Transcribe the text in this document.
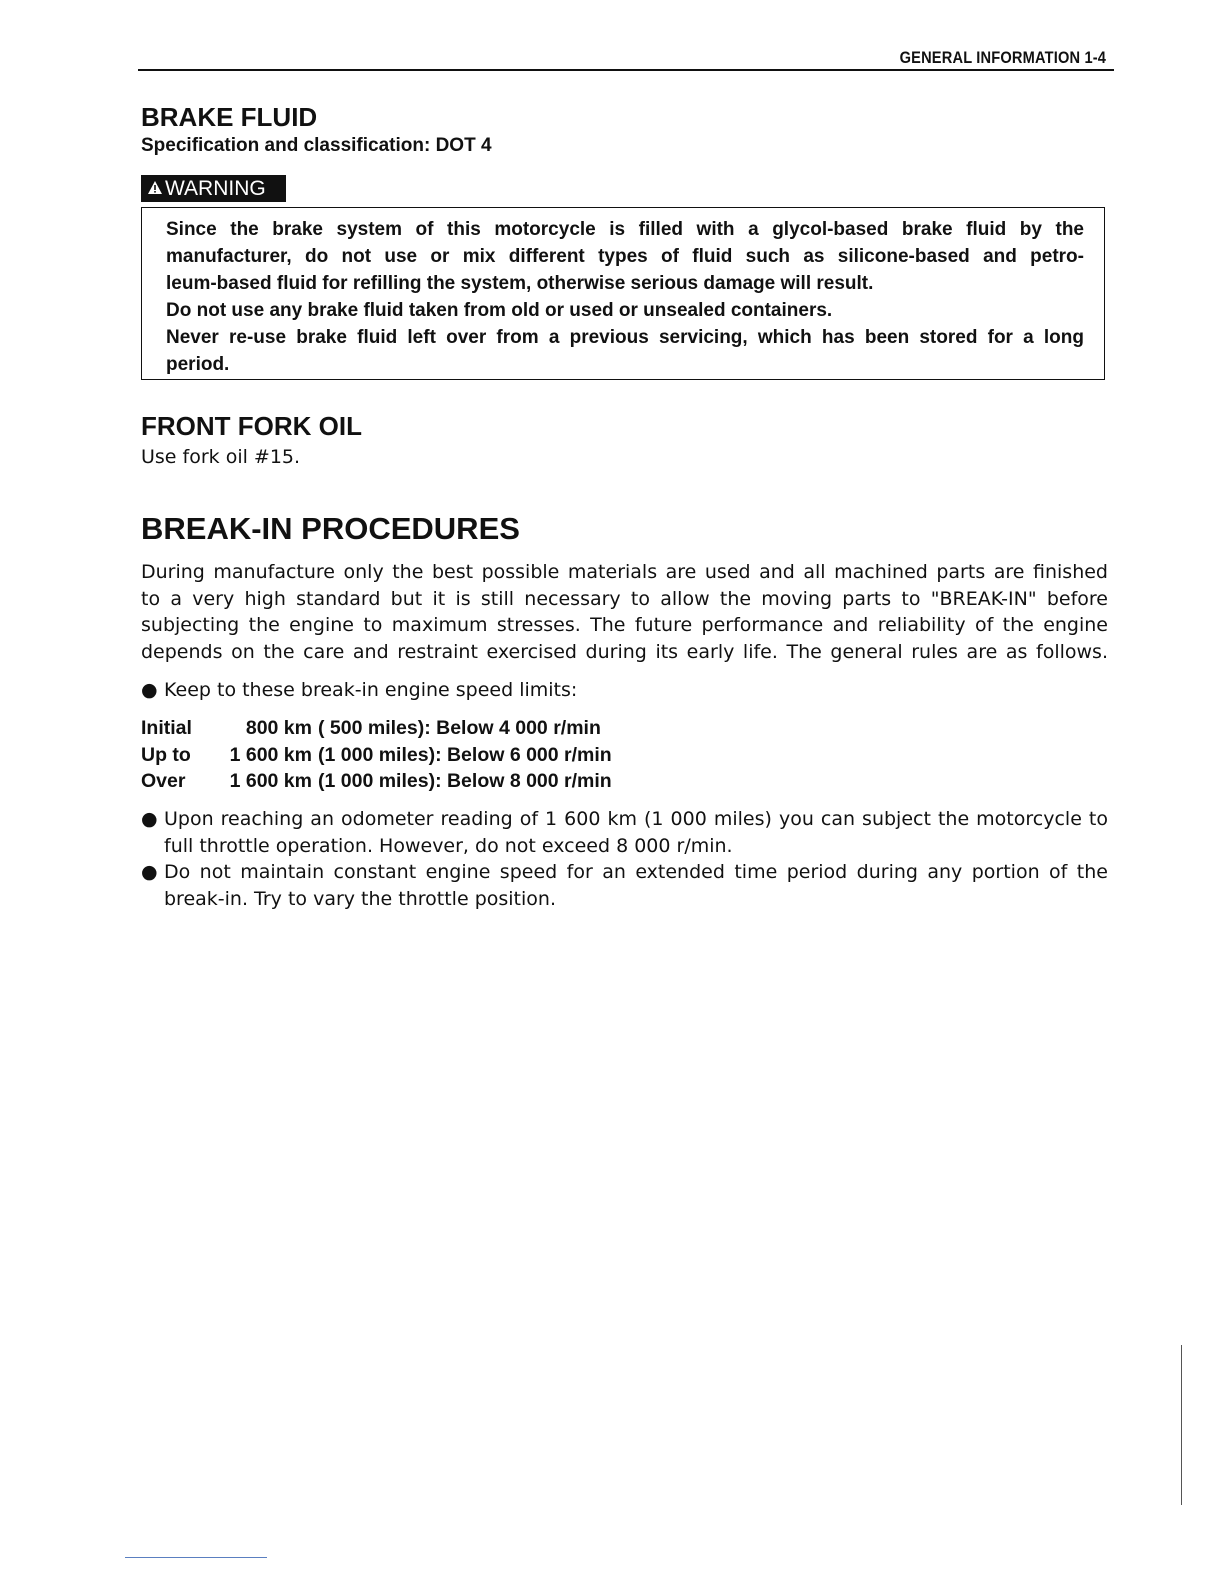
GENERAL INFORMATION 1-4
BRAKE FLUID
Specification and classification: DOT 4
WARNING
Since the brake system of this motorcycle is filled with a glycol-based brake fluid by the
manufacturer, do not use or mix different types of fluid such as silicone-based and petro-
leum-based fluid for refilling the system, otherwise serious damage will result.
Do not use any brake fluid taken from old or used or unsealed containers.
Never re-use brake fluid left over from a previous servicing, which has been stored for a long
period.
FRONT FORK OIL
Use fork oil #15.
BREAK-IN PROCEDURES
During manufacture only the best possible materials are used and all machined parts are finished
to a very high standard but it is still necessary to allow the moving parts to "BREAK-IN" before
subjecting the engine to maximum stresses. The future performance and reliability of the engine
depends on the care and restraint exercised during its early life. The general rules are as follows.
● Keep to these break-in engine speed limits:
Initial	800 km ( 500 miles): Below 4 000 r/min
Up to	1 600 km (1 000 miles): Below 6 000 r/min
Over	1 600 km (1 000 miles): Below 8 000 r/min
● Upon reaching an odometer reading of 1 600 km (1 000 miles) you can subject the motorcycle to
full throttle operation. However, do not exceed 8 000 r/min.
● Do not maintain constant engine speed for an extended time period during any portion of the
break-in. Try to vary the throttle position.
